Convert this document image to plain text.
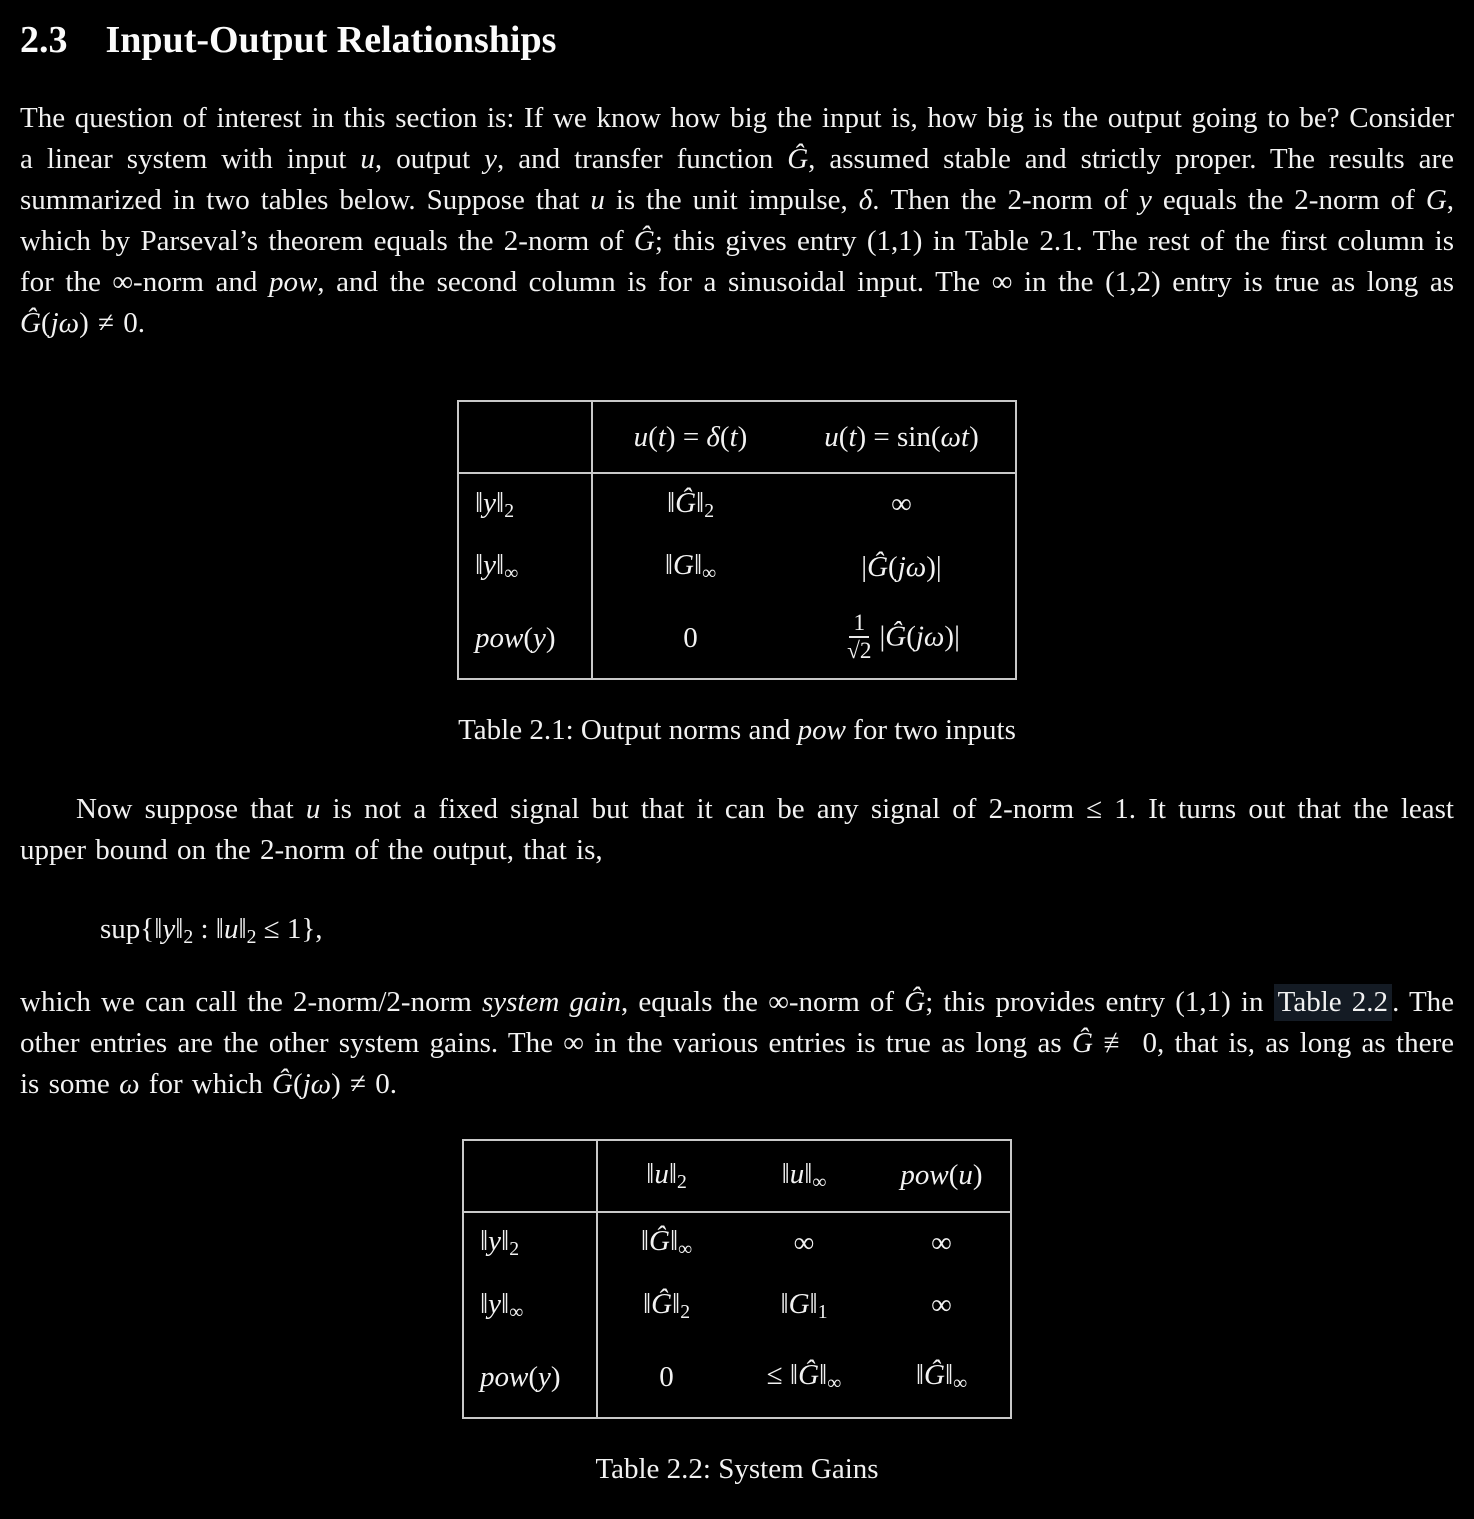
2.3 Input-Output Relationships

The question of interest in this section is: If we know how big the input is, how big is the output going to be? Consider a linear system with input u, output y, and transfer function Ĝ, assumed stable and strictly proper. The results are summarized in two tables below. Suppose that u is the unit impulse, δ. Then the 2-norm of y equals the 2-norm of G, which by Parseval’s theorem equals the 2-norm of Ĝ; this gives entry (1,1) in Table 2.1. The rest of the first column is for the ∞-norm and pow, and the second column is for a sinusoidal input. The ∞ in the (1,2) entry is true as long as Ĝ(jω) ≠ 0.

	u(t) = δ(t)	u(t) = sin(ωt)
$‖y‖_2$	$‖Ĝ‖_2$	∞
$‖y‖_\infty$	$‖G‖_\infty$	|Ĝ(jω)|
pow(y)	0	$\frac{1}{√2}$ |Ĝ(jω)|
Table 2.1: Output norms and pow for two inputs

Now suppose that u is not a fixed signal but that it can be any signal of 2-norm ≤ 1. It turns out that the least upper bound on the 2-norm of the output, that is,

$sup\{‖y‖_2$ : $‖u‖_2 \le 1$},

which we can call the 2-norm/2-norm system gain, equals the ∞-norm of Ĝ; this provides entry (1,1) in Table 2.2 . The other entries are the other system gains. The ∞ in the various entries is true as long as Ĝ ≢ 0, that is, as long as there is some ω for which Ĝ(jω) ≠ 0.

	$‖u‖_2$	$‖u‖_\infty$	pow(u)
$‖y‖_2$	$‖Ĝ‖_\infty$	∞	∞
$‖y‖_\infty$	$‖Ĝ‖_2$	$‖G‖_1$	∞
pow(y)	0	≤ $‖Ĝ‖_\infty$	$‖Ĝ‖_\infty$
Table 2.2: System Gains
